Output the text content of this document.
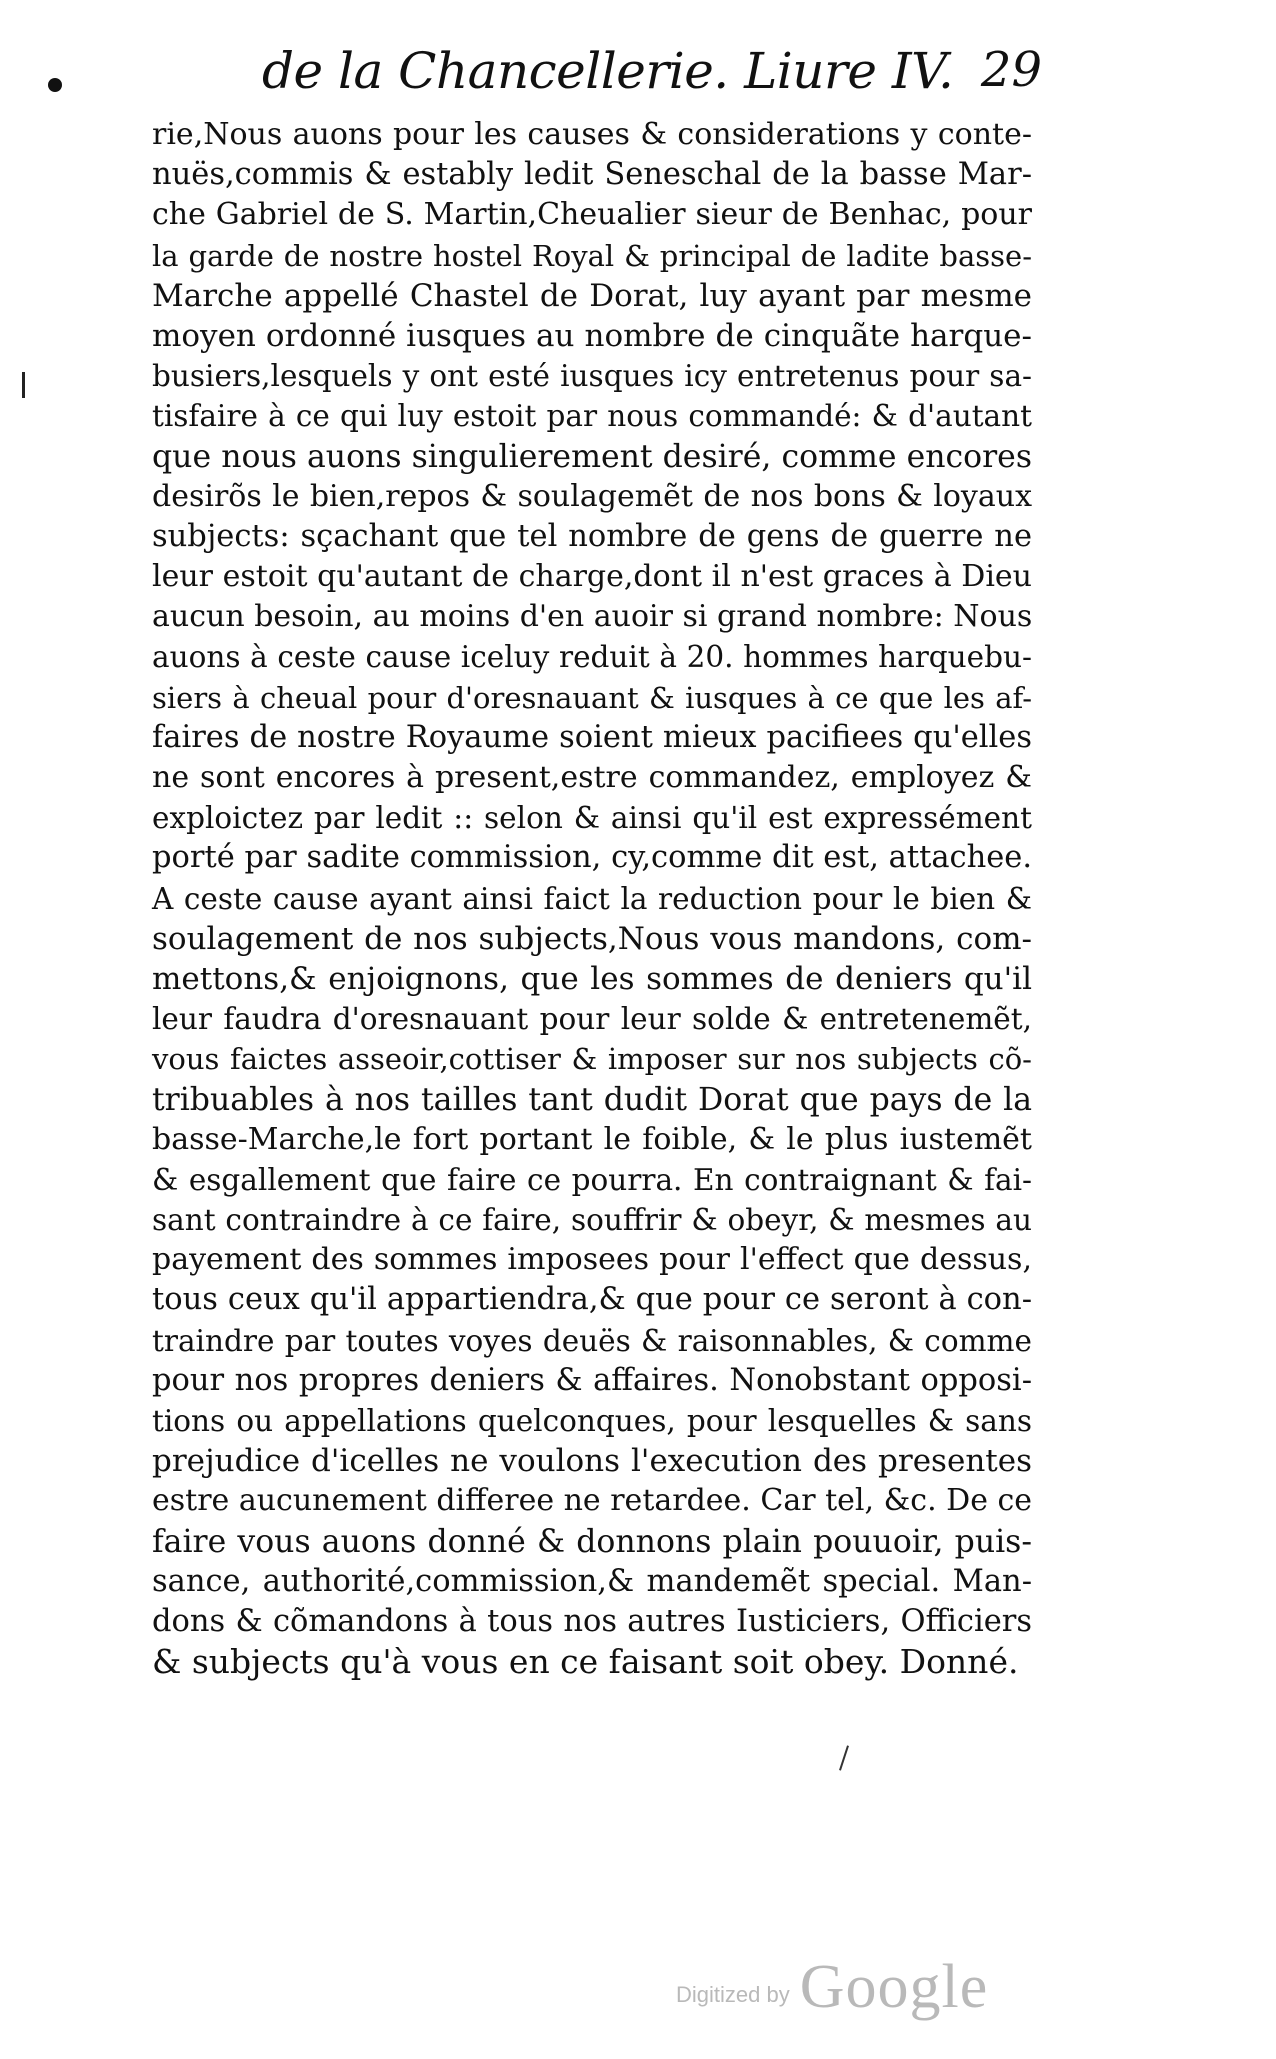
de la Chancellerie. Liure IV. 29
rie,Nous auons pour les causes & considerations y conte-
nuës,commis & estably ledit Seneschal de la basse Mar-
che Gabriel de S. Martin,Cheualier sieur de Benhac, pour
la garde de nostre hostel Royal & principal de ladite basse-
Marche appellé Chastel de Dorat, luy ayant par mesme
moyen ordonné iusques au nombre de cinquãte harque-
busiers,lesquels y ont esté iusques icy entretenus pour sa-
tisfaire à ce qui luy estoit par nous commandé: & d'autant
que nous auons singulierement desiré, comme encores
desirõs le bien,repos & soulagemẽt de nos bons & loyaux
subjects: sçachant que tel nombre de gens de guerre ne
leur estoit qu'autant de charge,dont il n'est graces à Dieu
aucun besoin, au moins d'en auoir si grand nombre: Nous
auons à ceste cause iceluy reduit à 20. hommes harquebu-
siers à cheual pour d'oresnauant & iusques à ce que les af-
faires de nostre Royaume soient mieux pacifiees qu'elles
ne sont encores à present,estre commandez, employez &
exploictez par ledit :: selon & ainsi qu'il est expressément
porté par sadite commission, cy,comme dit est, attachee.
A ceste cause ayant ainsi faict la reduction pour le bien &
soulagement de nos subjects,Nous vous mandons, com-
mettons,& enjoignons, que les sommes de deniers qu'il
leur faudra d'oresnauant pour leur solde & entretenemẽt,
vous faictes asseoir,cottiser & imposer sur nos subjects cõ-
tribuables à nos tailles tant dudit Dorat que pays de la
basse-Marche,le fort portant le foible, & le plus iustemẽt
& esgallement que faire ce pourra. En contraignant & fai-
sant contraindre à ce faire, souffrir & obeyr, & mesmes au
payement des sommes imposees pour l'effect que dessus,
tous ceux qu'il appartiendra,& que pour ce seront à con-
traindre par toutes voyes deuës & raisonnables, & comme
pour nos propres deniers & affaires. Nonobstant opposi-
tions ou appellations quelconques, pour lesquelles & sans
prejudice d'icelles ne voulons l'execution des presentes
estre aucunement differee ne retardee. Car tel, &c. De ce
faire vous auons donné & donnons plain pouuoir, puis-
sance, authorité,commission,& mandemẽt special. Man-
dons & cõmandons à tous nos autres Iusticiers, Officiers
& subjects qu'à vous en ce faisant soit obey. Donné.
Digitized by Google
